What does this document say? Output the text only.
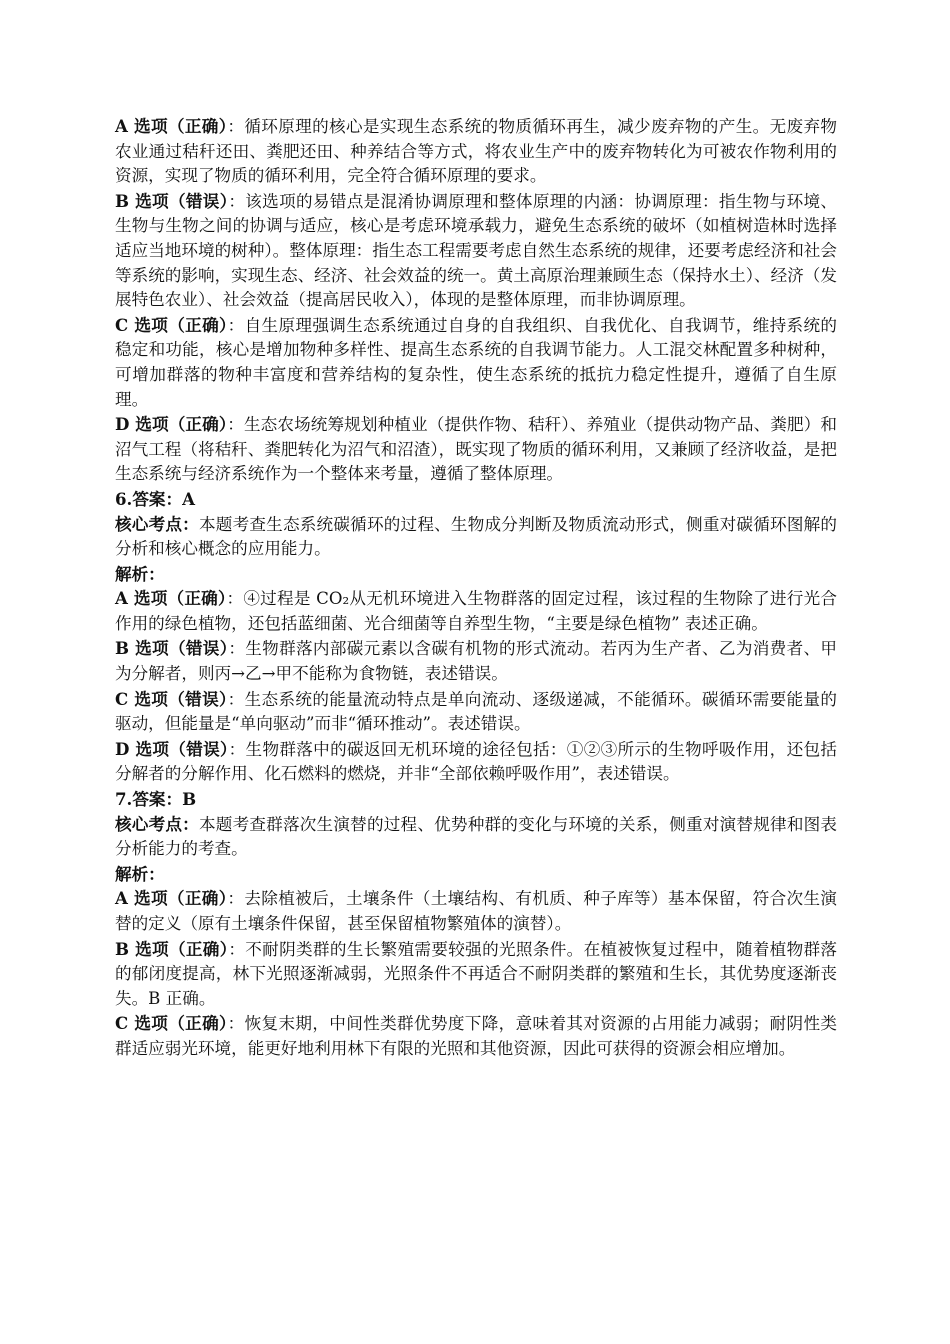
A 选项（正确）：循环原理的核心是实现生态系统的物质循环再生，减少废弃物的产生。无废弃物农业通过秸秆还田、粪肥还田、种养结合等方式，将农业生产中的废弃物转化为可被农作物利用的资源，实现了物质的循环利用，完全符合循环原理的要求。

B 选项（错误）：该选项的易错点是混淆协调原理和整体原理的内涵：协调原理：指生物与环境、生物与生物之间的协调与适应，核心是考虑环境承载力，避免生态系统的破坏（如植树造林时选择适应当地环境的树种）。整体原理：指生态工程需要考虑自然生态系统的规律，还要考虑经济和社会等系统的影响，实现生态、经济、社会效益的统一。黄土高原治理兼顾生态（保持水土）、经济（发展特色农业）、社会效益（提高居民收入），体现的是整体原理，而非协调原理。

C 选项（正确）：自生原理强调生态系统通过自身的自我组织、自我优化、自我调节，维持系统的稳定和功能，核心是增加物种多样性、提高生态系统的自我调节能力。人工混交林配置多种树种，可增加群落的物种丰富度和营养结构的复杂性，使生态系统的抵抗力稳定性提升，遵循了自生原理。

D 选项（正确）：生态农场统筹规划种植业（提供作物、秸秆）、养殖业（提供动物产品、粪肥）和沼气工程（将秸秆、粪肥转化为沼气和沼渣），既实现了物质的循环利用，又兼顾了经济收益，是把生态系统与经济系统作为一个整体来考量，遵循了整体原理。

6.答案：A

核心考点：本题考查生态系统碳循环的过程、生物成分判断及物质流动形式，侧重对碳循环图解的分析和核心概念的应用能力。

解析：

A 选项（正确）：④过程是 CO₂从无机环境进入生物群落的固定过程，该过程的生物除了进行光合作用的绿色植物，还包括蓝细菌、光合细菌等自养型生物，“主要是绿色植物” 表述正确。

B 选项（错误）：生物群落内部碳元素以含碳有机物的形式流动。若丙为生产者、乙为消费者、甲为分解者，则丙→乙→甲不能称为食物链，表述错误。

C 选项（错误）：生态系统的能量流动特点是单向流动、逐级递减，不能循环。碳循环需要能量的驱动，但能量是“单向驱动”而非“循环推动”。表述错误。

D 选项（错误）：生物群落中的碳返回无机环境的途径包括：①②③所示的生物呼吸作用，还包括分解者的分解作用、化石燃料的燃烧，并非“全部依赖呼吸作用”，表述错误。

7.答案：B

核心考点：本题考查群落次生演替的过程、优势种群的变化与环境的关系，侧重对演替规律和图表分析能力的考查。

解析：

A 选项（正确）：去除植被后，土壤条件（土壤结构、有机质、种子库等）基本保留，符合次生演替的定义（原有土壤条件保留，甚至保留植物繁殖体的演替）。

B 选项（正确）：不耐阴类群的生长繁殖需要较强的光照条件。在植被恢复过程中，随着植物群落的郁闭度提高，林下光照逐渐减弱，光照条件不再适合不耐阴类群的繁殖和生长，其优势度逐渐丧失。B 正确。

C 选项（正确）：恢复末期，中间性类群优势度下降，意味着其对资源的占用能力减弱；耐阴性类群适应弱光环境，能更好地利用林下有限的光照和其他资源，因此可获得的资源会相应增加。
